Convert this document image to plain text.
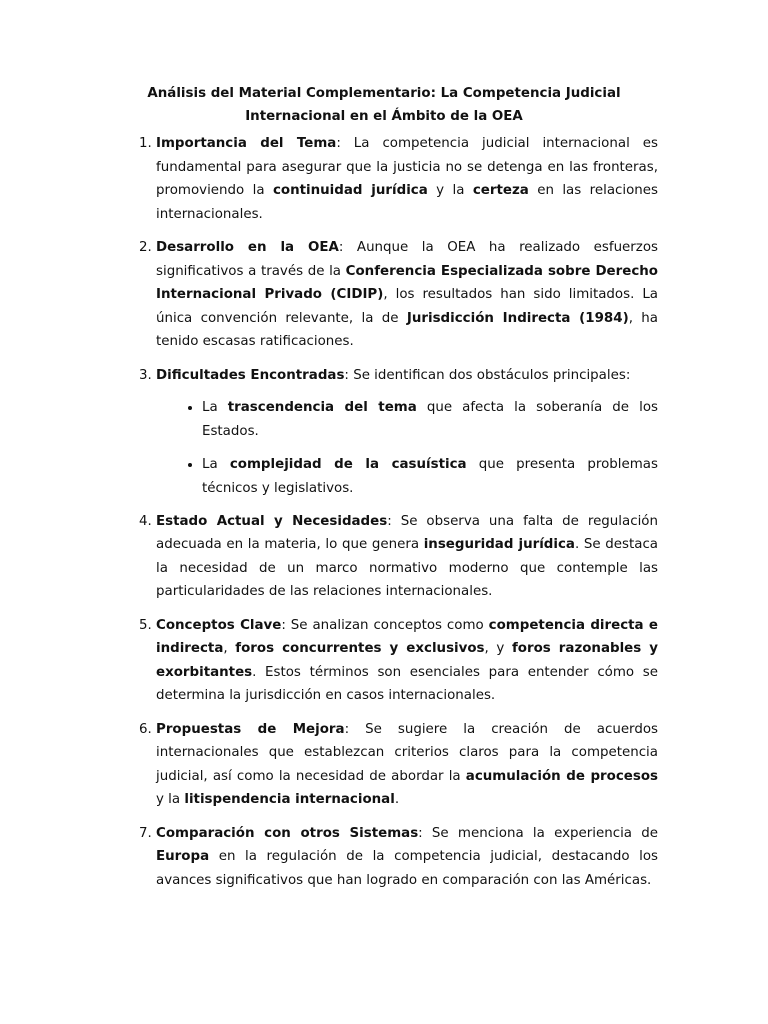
Análisis del Material Complementario: La Competencia Judicial
Internacional en el Ámbito de la OEA
1. Importancia del Tema: La competencia judicial internacional es fundamental para asegurar que la justicia no se detenga en las fronteras, promoviendo la continuidad jurídica y la certeza en las relaciones internacionales.
2. Desarrollo en la OEA: Aunque la OEA ha realizado esfuerzos significativos a través de la Conferencia Especializada sobre Derecho Internacional Privado (CIDIP), los resultados han sido limitados. La única convención relevante, la de Jurisdicción Indirecta (1984), ha tenido escasas ratificaciones.
3. Dificultades Encontradas: Se identifican dos obstáculos principales:
• La trascendencia del tema que afecta la soberanía de los Estados.
• La complejidad de la casuística que presenta problemas técnicos y legislativos.
4. Estado Actual y Necesidades: Se observa una falta de regulación adecuada en la materia, lo que genera inseguridad jurídica. Se destaca la necesidad de un marco normativo moderno que contemple las particularidades de las relaciones internacionales.
5. Conceptos Clave: Se analizan conceptos como competencia directa e indirecta, foros concurrentes y exclusivos, y foros razonables y exorbitantes. Estos términos son esenciales para entender cómo se determina la jurisdicción en casos internacionales.
6. Propuestas de Mejora: Se sugiere la creación de acuerdos internacionales que establezcan criterios claros para la competencia judicial, así como la necesidad de abordar la acumulación de procesos y la litispendencia internacional.
7. Comparación con otros Sistemas: Se menciona la experiencia de Europa en la regulación de la competencia judicial, destacando los avances significativos que han logrado en comparación con las Américas.
